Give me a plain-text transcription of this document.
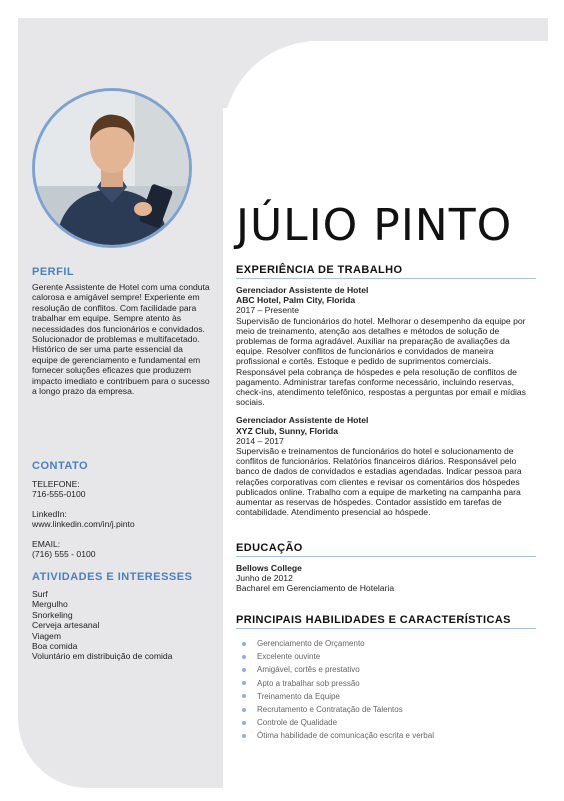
PERFIL

Gerente Assistente de Hotel com uma conduta calorosa e amigável sempre! Experiente em resolução de conflitos. Com facilidade para trabalhar em equipe. Sempre atento às necessidades dos funcionários e convidados. Solucionador de problemas e multifacetado. Histórico de ser uma parte essencial da equipe de gerenciamento e fundamental em fornecer soluções eficazes que produzem impacto imediato e contribuem para o sucesso a longo prazo da empresa.

CONTATO

TELEFONE:

716-555-0100

LinkedIn:

www.linkedin.com/in/j.pinto

EMAIL:

(716) 555 - 0100

ATIVIDADES E INTERESSES

Surf

Mergulho

Snorkeling

Cerveja artesanal

Viagem

Boa comida

Voluntário em distribuição de comida

JÚLIO PINTO
EXPERIÊNCIA DE TRABALHO

Gerenciador Assistente de Hotel

ABC Hotel, Palm City, Florida

2017 – Presente

Supervisão de funcionários do hotel. Melhorar o desempenho da equipe por meio de treinamento, atenção aos detalhes e métodos de solução de problemas de forma agradável. Auxiliar na preparação de avaliações da equipe. Resolver conflitos de funcionários e convidados de maneira profissional e cortês. Estoque e pedido de suprimentos comerciais. Responsável pela cobrança de hóspedes e pela resolução de conflitos de pagamento. Administrar tarefas conforme necessário, incluindo reservas, check-ins, atendimento telefônico, respostas a perguntas por email e mídias sociais.

Gerenciador Assistente de Hotel

XYZ Club, Sunny, Florida

2014 – 2017

Supervisão e treinamentos de funcionários do hotel e solucionamento de conflitos de funcionários. Relatórios financeiros diários. Responsável pelo banco de dados de convidados e estadias agendadas. Indicar pessoa para relações corporativas com clientes e revisar os comentários dos hóspedes publicados online. Trabalho com a equipe de marketing na campanha para aumentar as reservas de hóspedes. Contador assistido em tarefas de contabilidade. Atendimento presencial ao hóspede.

EDUCAÇÃO

Bellows College

Junho de 2012

Bacharel em Gerenciamento de Hotelaria

PRINCIPAIS HABILIDADES E CARACTERÍSTICAS
Gerenciamento de Orçamento
Excelente ouvinte
Amigável, cortês e prestativo
Apto a trabalhar sob pressão
Treinamento da Equipe
Recrutamento e Contratação de Talentos
Controle de Qualidade
Ótima habilidade de comunicação escrita e verbal
